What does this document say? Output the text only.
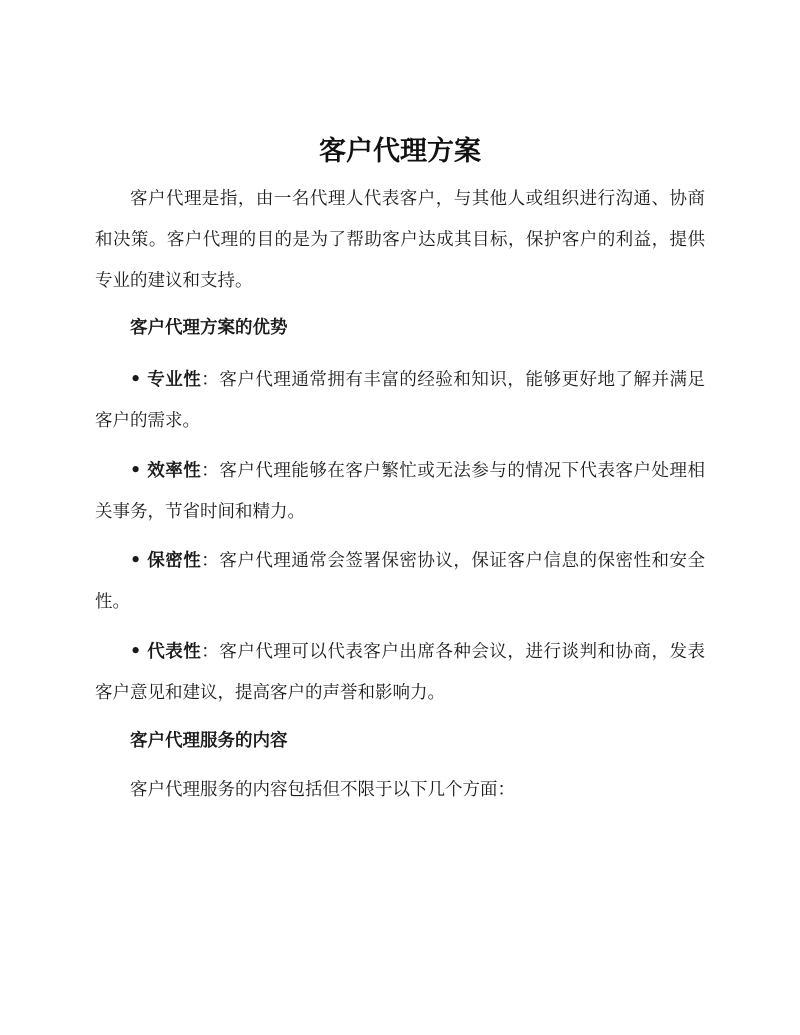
客户代理方案

客户代理是指，由一名代理人代表客户，与其他人或组织进行沟通、协商和决策。客户代理的目的是为了帮助客户达成其目标，保护客户的利益，提供专业的建议和支持。

客户代理方案的优势

• 专业性：客户代理通常拥有丰富的经验和知识，能够更好地了解并满足客户的需求。

• 效率性：客户代理能够在客户繁忙或无法参与的情况下代表客户处理相关事务，节省时间和精力。

• 保密性：客户代理通常会签署保密协议，保证客户信息的保密性和安全性。

• 代表性：客户代理可以代表客户出席各种会议，进行谈判和协商，发表客户意见和建议，提高客户的声誉和影响力。

客户代理服务的内容

客户代理服务的内容包括但不限于以下几个方面：
